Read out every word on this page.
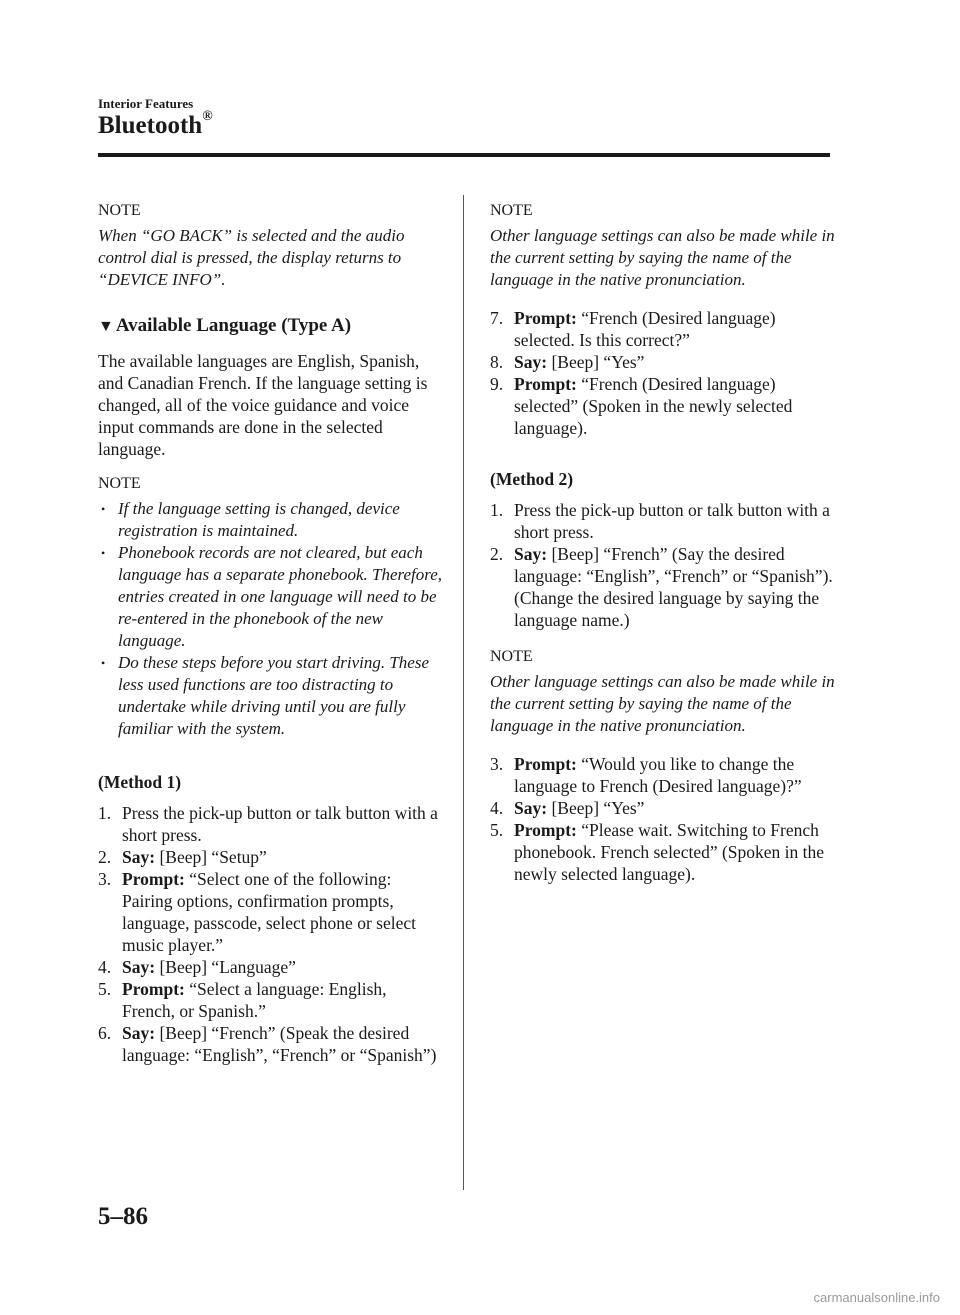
Interior Features
Bluetooth®

NOTE

When “GO BACK” is selected and the audio control dial is pressed, the display returns to “DEVICE INFO”.

▼ Available Language (Type A)

The available languages are English, Spanish, and Canadian French. If the language setting is changed, all of the voice guidance and voice input commands are done in the selected language.

NOTE

• If the language setting is changed, device registration is maintained.
• Phonebook records are not cleared, but each language has a separate phonebook. Therefore, entries created in one language will need to be re-entered in the phonebook of the new language.
• Do these steps before you start driving. These less used functions are too distracting to undertake while driving until you are fully familiar with the system.

(Method 1)

1. Press the pick-up button or talk button with a short press.
2. Say: [Beep] “Setup”
3. Prompt: “Select one of the following: Pairing options, confirmation prompts, language, passcode, select phone or select music player.”
4. Say: [Beep] “Language”
5. Prompt: “Select a language: English, French, or Spanish.”
6. Say: [Beep] “French” (Speak the desired language: “English”, “French” or “Spanish”)

NOTE

Other language settings can also be made while in the current setting by saying the name of the language in the native pronunciation.

7. Prompt: “French (Desired language) selected. Is this correct?”
8. Say: [Beep] “Yes”
9. Prompt: “French (Desired language) selected” (Spoken in the newly selected language).

(Method 2)

1. Press the pick-up button or talk button with a short press.
2. Say: [Beep] “French” (Say the desired language: “English”, “French” or “Spanish”). (Change the desired language by saying the language name.)

NOTE

Other language settings can also be made while in the current setting by saying the name of the language in the native pronunciation.

3. Prompt: “Would you like to change the language to French (Desired language)?”
4. Say: [Beep] “Yes”
5. Prompt: “Please wait. Switching to French phonebook. French selected” (Spoken in the newly selected language).
5–86
carmanualsonline.info
